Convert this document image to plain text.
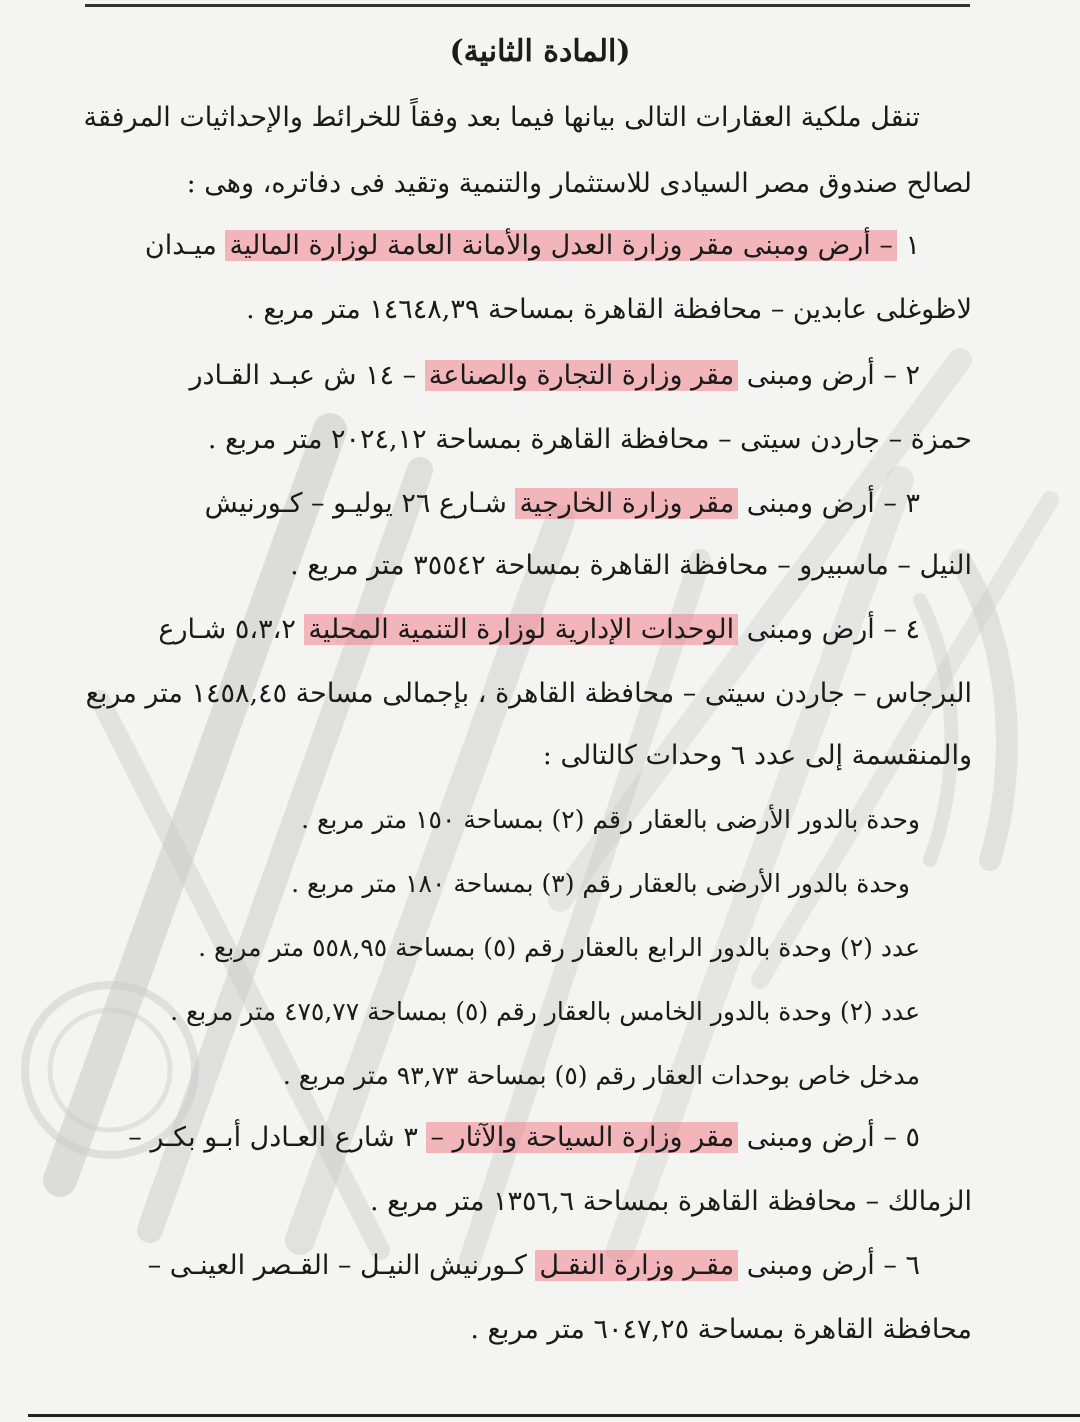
(المادة الثانية)
تنقل ملكية العقارات التالى بيانها فيما بعد وفقاً للخرائط والإحداثيات المرفقة
لصالح صندوق مصر السيادى للاستثمار والتنمية وتقيد فى دفاتره، وهى :
١ – أرض ومبنى مقر وزارة العدل والأمانة العامة لوزارة المالية ميـدان
لاظوغلى عابدين – محافظة القاهرة بمساحة ١٤٦٤٨,٣٩ متر مربع .
٢ – أرض ومبنى مقر وزارة التجارة والصناعة – ١٤ ش عبـد القـادر
حمزة – جاردن سيتى – محافظة القاهرة بمساحة ٢٠٢٤,١٢ متر مربع .
٣ – أرض ومبنى مقر وزارة الخارجية شـارع ٢٦ يوليـو – كـورنيش
النيل – ماسبيرو – محافظة القاهرة بمساحة ٣٥٥٤٢ متر مربع .
٤ – أرض ومبنى الوحدات الإدارية لوزارة التنمية المحلية ٥،٣،٢ شـارع
البرجاس – جاردن سيتى – محافظة القاهرة ، بإجمالى مساحة ١٤٥٨,٤٥ متر مربع
والمنقسمة إلى عدد ٦ وحدات كالتالى :
وحدة بالدور الأرضى بالعقار رقم (٢) بمساحة ١٥٠ متر مربع .
وحدة بالدور الأرضى بالعقار رقم (٣) بمساحة ١٨٠ متر مربع .
عدد (٢) وحدة بالدور الرابع بالعقار رقم (٥) بمساحة ٥٥٨,٩٥ متر مربع .
عدد (٢) وحدة بالدور الخامس بالعقار رقم (٥) بمساحة ٤٧٥,٧٧ متر مربع .
مدخل خاص بوحدات العقار رقم (٥) بمساحة ٩٣,٧٣ متر مربع .
٥ – أرض ومبنى مقر وزارة السياحة والآثار – ٣ شارع العـادل أبـو بكـر –
الزمالك – محافظة القاهرة بمساحة ١٣٥٦,٦ متر مربع .
٦ – أرض ومبنى مقـر وزارة النقـل كـورنيش النيـل – القـصر العينـى –
محافظة القاهرة بمساحة ٦٠٤٧,٢٥ متر مربع .
